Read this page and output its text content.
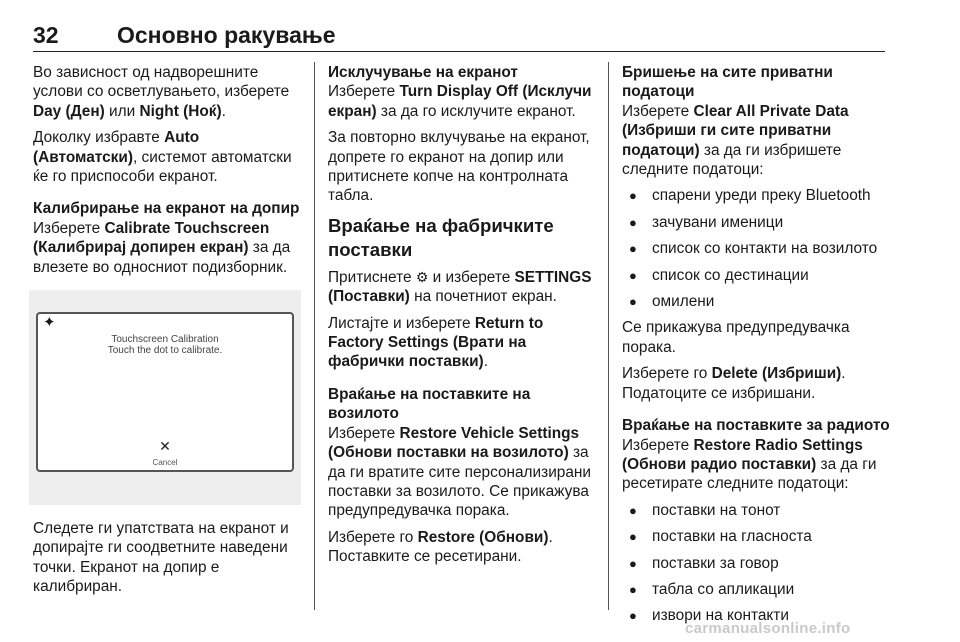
32	Основно ракување

Во зависност од надворешните услови со осветлувањето, изберете Day (Ден) или Night (Ноќ).

Доколку избравте Auto (Автоматски), системот автоматски ќе го приспособи екранот.

Калибрирање на екранот на допир

Изберете Calibrate Touchscreen (Калибрирај допирен екран) за да влезете во односниот подизборник.

✦
Touchscreen Calibration
Touch the dot to calibrate.
✕
Cancel

Следете ги упатствата на екранот и допирајте ги соодветните наведени точки. Екранот на допир е калибриран.

Исклучување на екранот

Изберете Turn Display Off (Исклучи екран) за да го исклучите екранот.

За повторно вклучување на екранот, допрете го екранот на допир или притиснете копче на контролната табла.

Враќање на фабричките поставки

Притиснете ⚙ и изберете SETTINGS (Поставки) на почетниот екран.

Листајте и изберете Return to Factory Settings (Врати на фабрички поставки).

Враќање на поставките на возилото

Изберете Restore Vehicle Settings (Обнови поставки на возилото) за да ги вратите сите персонализирани поставки за возилото. Се прикажува предупредувачка порака.

Изберете го Restore (Обнови). Поставките се ресетирани.

Бришење на сите приватни податоци

Изберете Clear All Private Data (Избриши ги сите приватни податоци) за да ги избришете следните податоци:

● спарени уреди преку Bluetooth
● зачувани именици
● список со контакти на возилото
● список со дестинации
● омилени

Се прикажува предупредувачка порака.

Изберете го Delete (Избриши).
Податоците се избришани.

Враќање на поставките за радиото

Изберете Restore Radio Settings (Обнови радио поставки) за да ги ресетирате следните податоци:

● поставки на тонот
● поставки на гласноста
● поставки за говор
● табла со апликации
● извори на контакти
carmanualsonline.info
